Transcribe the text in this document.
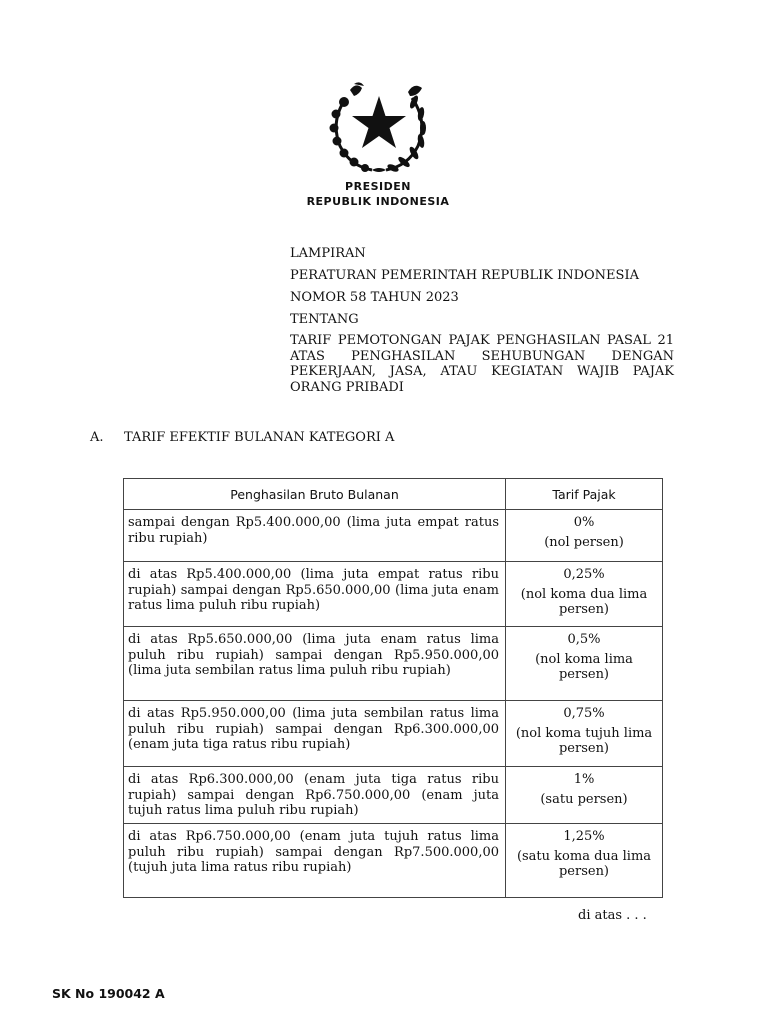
PRESIDEN
REPUBLIK INDONESIA
LAMPIRAN
PERATURAN PEMERINTAH REPUBLIK INDONESIA
NOMOR 58 TAHUN 2023
TENTANG
TARIF PEMOTONGAN PAJAK PENGHASILAN PASAL 21 ATAS PENGHASILAN SEHUBUNGAN DENGAN PEKERJAAN, JASA, ATAU KEGIATAN WAJIB PAJAK ORANG PRIBADI
A. TARIF EFEKTIF BULANAN KATEGORI A
Penghasilan Bruto Bulanan	Tarif Pajak
sampai dengan Rp5.400.000,00 (lima juta empat ratus ribu rupiah)	0%
(nol persen)
di atas Rp5.400.000,00 (lima juta empat ratus ribu rupiah) sampai dengan Rp5.650.000,00 (lima juta enam ratus lima puluh ribu rupiah)	0,25%
(nol koma dua lima persen)
di atas Rp5.650.000,00 (lima juta enam ratus lima puluh ribu rupiah) sampai dengan Rp5.950.000,00 (lima juta sembilan ratus lima puluh ribu rupiah)	0,5%
(nol koma lima persen)
di atas Rp5.950.000,00 (lima juta sembilan ratus lima puluh ribu rupiah) sampai dengan Rp6.300.000,00 (enam juta tiga ratus ribu rupiah)	0,75%
(nol koma tujuh lima persen)
di atas Rp6.300.000,00 (enam juta tiga ratus ribu rupiah) sampai dengan Rp6.750.000,00 (enam juta tujuh ratus lima puluh ribu rupiah)	1%
(satu persen)
di atas Rp6.750.000,00 (enam juta tujuh ratus lima puluh ribu rupiah) sampai dengan Rp7.500.000,00 (tujuh juta lima ratus ribu rupiah)	1,25%
(satu koma dua lima persen)
di atas . . .
SK No 190042 A
